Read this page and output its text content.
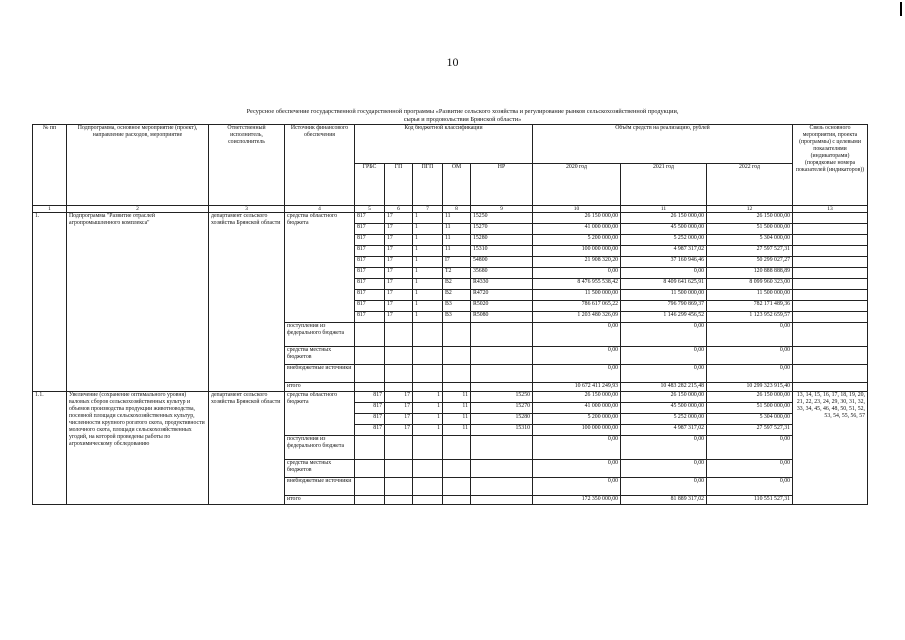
10
Ресурсное обеспечение государственной государственной программы «Развитие сельского хозяйства и регулирование рынков сельскохозяйственной продукции,
сырья и продовольствия Брянской области»
№ пп	Подпрограмма, основное мероприятие (проект), направление расходов, мероприятие	Ответственный исполнитель, соисполнитель	Источник финансового обеспечения	Код бюджетной классификации					Объём средств на реализацию, рублей			Связь основного мероприятия, проекта (программы) с целевыми показателями (индикаторами) (порядковые номера показателей (индикаторов))
				ГРБС	ГП	ПГП	ОМ	НР	2020 год	2021 год	2022 год	
1	2	3	4	5	6	7	8	9	10	11	12	13
1.	Подпрограмма "Развитие отраслей агропромышленного комплекса"	департамент сельского хозяйства Брянской области	средства областного бюджета	817	17	1	11	15250	26 150 000,00	26 150 000,00	26 150 000,00	
				817	17	1	11	15270	41 000 000,00	45 500 000,00	51 500 000,00	
				817	17	1	11	15280	5 200 000,00	5 252 000,00	5 304 000,00	
				817	17	1	11	15310	100 000 000,00	4 987 317,02	27 597 527,31	
				817	17	1	I7	54800	21 908 320,20	37 160 946,46	50 299 027,27	
				817	17	1	T2	35680	0,00	0,00	120 888 888,89	
				817	17	1	B2	R4330	8 476 955 538,42	8 409 641 625,91	8 099 960 323,00	
				817	17	1	B2	R4720	11 500 000,00	11 500 000,00	11 500 000,00	
				817	17	1	B3	R5020	786 617 065,22	796 790 869,37	782 171 489,36	
				817	17	1	B3	R5080	1 203 480 326,09	1 146 299 456,52	1 123 952 659,57	
			поступления из федерального бюджета						0,00	0,00	0,00	
			средства местных бюджетов						0,00	0,00	0,00	
			внебюджетные источники						0,00	0,00	0,00	
			итого						10 672 411 249,93	10 483 282 215,48	10 299 323 915,40	
1.1.	Увеличение (сохранение оптимального уровня) валовых сборов сельскохозяйственных культур и объемов производства продукции животноводства, посевной площади сельскохозяйственных культур, численности крупного рогатого скота, продуктивности молочного скота, площади сельскохозяйственных угодий, на которой проведены работы по агрохимическому обследованию	департамент сельского хозяйства Брянской области	средства областного бюджета	817	17	1	11	15250	26 150 000,00	26 150 000,00	26 150 000,00	13, 14, 15, 16, 17, 18, 19, 20, 21, 22, 23, 24, 29, 30, 31, 32, 33, 34, 45, 46, 48, 50, 51, 52, 53, 54, 55, 56, 57
				817	17	1	11	15270	41 000 000,00	45 500 000,00	51 500 000,00	
				817	17	1	11	15280	5 200 000,00	5 252 000,00	5 304 000,00	
				817	17	1	11	15310	100 000 000,00	4 987 317,02	27 597 527,31	
			поступления из федерального бюджета						0,00	0,00	0,00	
			средства местных бюджетов						0,00	0,00	0,00	
			внебюджетные источники						0,00	0,00	0,00	
			итого						172 350 000,00	81 889 317,02	110 551 527,31	
